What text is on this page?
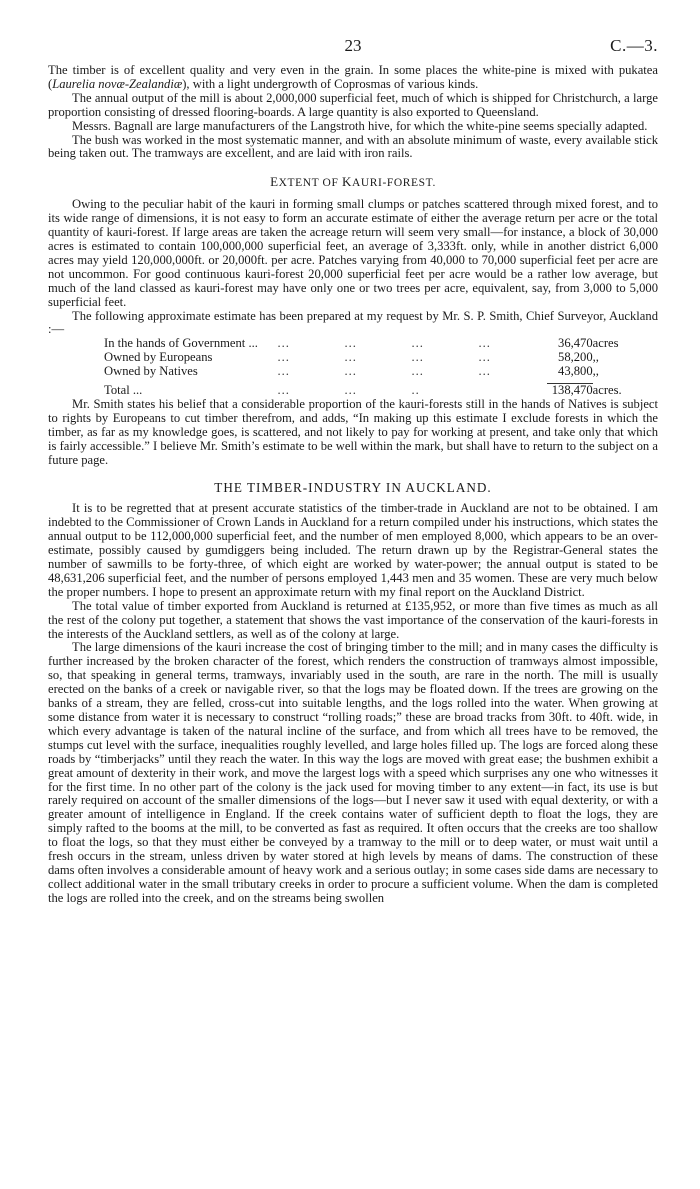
23	C.—3.

The timber is of excellent quality and very even in the grain. In some places the white-pine is mixed with pukatea (Laurelia novæ-Zealandiæ), with a light undergrowth of Coprosmas of various kinds.

The annual output of the mill is about 2,000,000 superficial feet, much of which is shipped for Christchurch, a large proportion consisting of dressed flooring-boards. A large quantity is also exported to Queensland.

Messrs. Bagnall are large manufacturers of the Langstroth hive, for which the white-pine seems specially adapted.

The bush was worked in the most systematic manner, and with an absolute minimum of waste, every available stick being taken out. The tramways are excellent, and are laid with iron rails.

EXTENT OF KAURI-FOREST.

Owing to the peculiar habit of the kauri in forming small clumps or patches scattered through mixed forest, and to its wide range of dimensions, it is not easy to form an accurate estimate of either the average return per acre or the total quantity of kauri-forest. If large areas are taken the acreage return will seem very small—for instance, a block of 30,000 acres is estimated to contain 100,000,000 superficial feet, an average of 3,333ft. only, while in another district 6,000 acres may yield 120,000,000ft. or 20,000ft. per acre. Patches varying from 40,000 to 70,000 superficial feet per acre are not uncommon. For good continuous kauri-forest 20,000 superficial feet per acre would be a rather low average, but much of the land classed as kauri-forest may have only one or two trees per acre, equivalent, say, from 3,000 to 5,000 superficial feet.

The following approximate estimate has been prepared at my request by Mr. S. P. Smith, Chief Surveyor, Auckland :—

In the hands of Government ...	... ... ... ...	36,470	acres
Owned by Europeans	... ... ... ...	58,200	,,
Owned by Natives	... ... ... ...	43,800	,,

Total ...	... ... ..	138,470	acres.

Mr. Smith states his belief that a considerable proportion of the kauri-forests still in the hands of Natives is subject to rights by Europeans to cut timber therefrom, and adds, “In making up this estimate I exclude forests in which the timber, as far as my knowledge goes, is scattered, and not likely to pay for working at present, and take only that which is fairly accessible.” I believe Mr. Smith’s estimate to be well within the mark, but shall have to return to the subject on a future page.

THE TIMBER-INDUSTRY IN AUCKLAND.

It is to be regretted that at present accurate statistics of the timber-trade in Auckland are not to be obtained. I am indebted to the Commissioner of Crown Lands in Auckland for a return compiled under his instructions, which states the annual output to be 112,000,000 superficial feet, and the number of men employed 8,000, which appears to be an over-estimate, possibly caused by gumdiggers being included. The return drawn up by the Registrar-General states the number of sawmills to be forty-three, of which eight are worked by water-power; the annual output is stated to be 48,631,206 superficial feet, and the number of persons employed 1,443 men and 35 women. These are very much below the proper numbers. I hope to present an approximate return with my final report on the Auckland District.

The total value of timber exported from Auckland is returned at £135,952, or more than five times as much as all the rest of the colony put together, a statement that shows the vast importance of the conservation of the kauri-forests in the interests of the Auckland settlers, as well as of the colony at large.

The large dimensions of the kauri increase the cost of bringing timber to the mill; and in many cases the difficulty is further increased by the broken character of the forest, which renders the construction of tramways almost impossible, so, that speaking in general terms, tramways, invariably used in the south, are rare in the north. The mill is usually erected on the banks of a creek or navigable river, so that the logs may be floated down. If the trees are growing on the banks of a stream, they are felled, cross-cut into suitable lengths, and the logs rolled into the water. When growing at some distance from water it is necessary to construct “rolling roads;” these are broad tracks from 30ft. to 40ft. wide, in which every advantage is taken of the natural incline of the surface, and from which all trees have to be removed, the stumps cut level with the surface, inequalities roughly levelled, and large holes filled up. The logs are forced along these roads by “timberjacks” until they reach the water. In this way the logs are moved with great ease; the bushmen exhibit a great amount of dexterity in their work, and move the largest logs with a speed which surprises any one who witnesses it for the first time. In no other part of the colony is the jack used for moving timber to any extent—in fact, its use is but rarely required on account of the smaller dimensions of the logs—but I never saw it used with equal dexterity, or with a greater amount of intelligence in England. If the creek contains water of sufficient depth to float the logs, they are simply rafted to the booms at the mill, to be converted as fast as required. It often occurs that the creeks are too shallow to float the logs, so that they must either be conveyed by a tramway to the mill or to deep water, or must wait until a fresh occurs in the stream, unless driven by water stored at high levels by means of dams. The construction of these dams often involves a considerable amount of heavy work and a serious outlay; in some cases side dams are necessary to collect additional water in the small tributary creeks in order to procure a sufficient volume. When the dam is completed the logs are rolled into the creek, and on the streams being swollen
